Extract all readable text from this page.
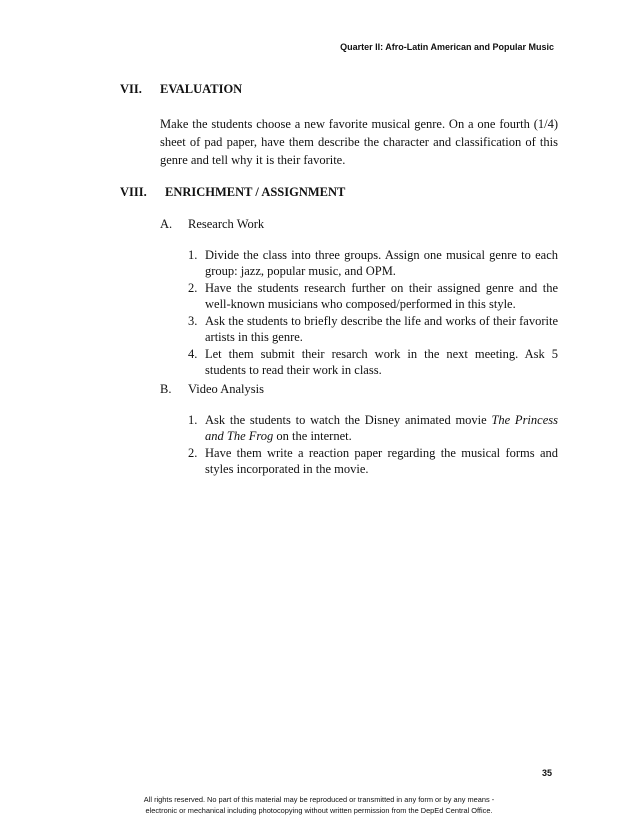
Quarter II: Afro-Latin American and Popular Music
VII. EVALUATION
Make the students choose a new favorite musical genre. On a one fourth (1/4) sheet of pad paper, have them describe the character and classification of this genre and tell why it is their favorite.
VIII. ENRICHMENT / ASSIGNMENT
A. Research Work
1. Divide the class into three groups. Assign one musical genre to each group: jazz, popular music, and OPM.
2. Have the students research further on their assigned genre and the well-known musicians who composed/performed in this style.
3. Ask the students to briefly describe the life and works of their favorite artists in this genre.
4. Let them submit their resarch work in the next meeting. Ask 5 students to read their work in class.
B. Video Analysis
1. Ask the students to watch the Disney animated movie The Princess and The Frog on the internet.
2. Have them write a reaction paper regarding the musical forms and styles incorporated in the movie.
35
All rights reserved. No part of this material may be reproduced or transmitted in any form or by any means -
electronic or mechanical including photocopying without written permission from the DepEd Central Office.
